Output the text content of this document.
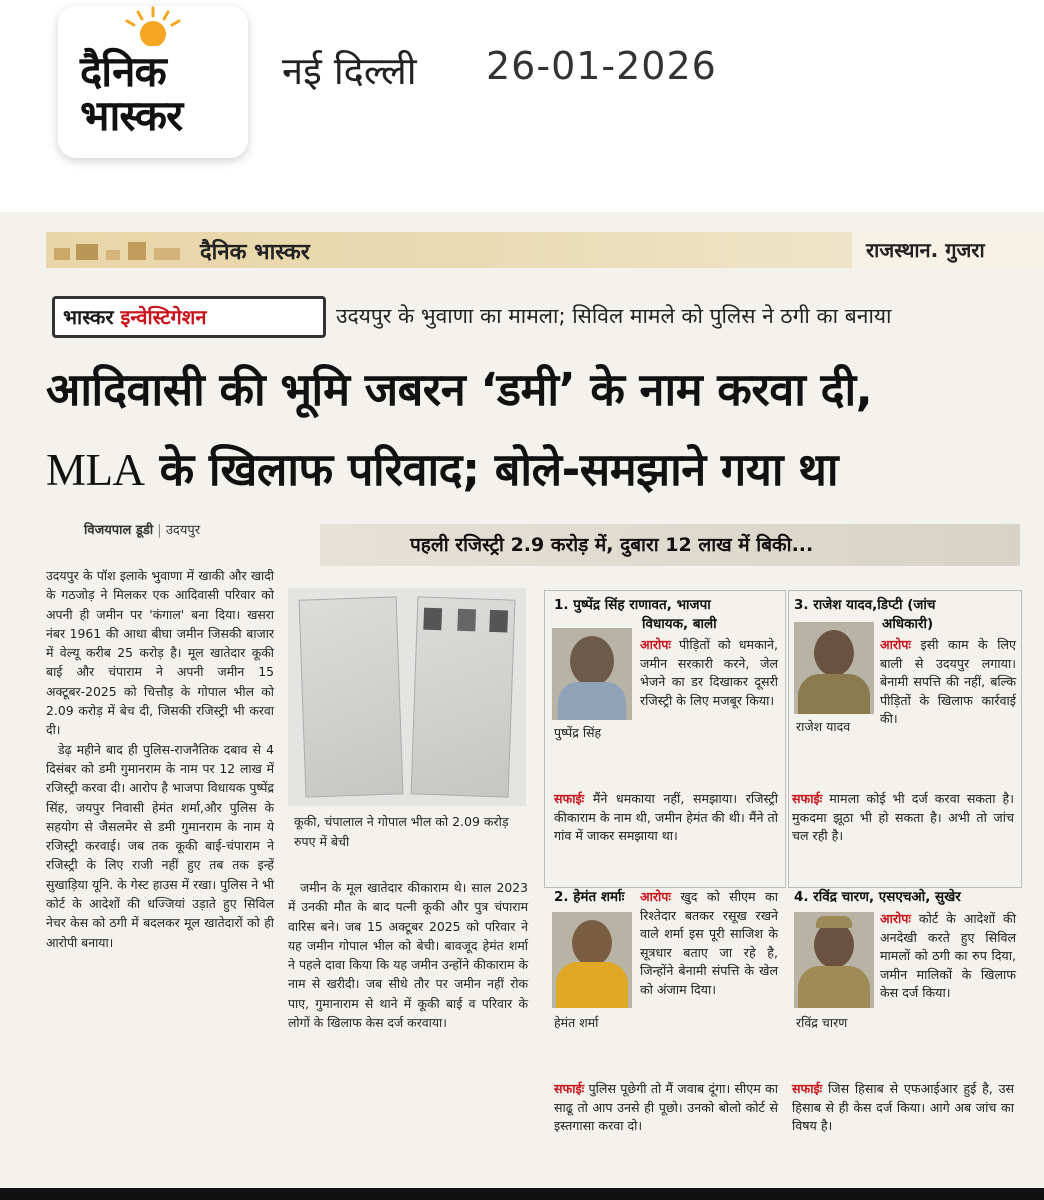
दैनिक
भास्कर
नई दिल्ली 26-01-2026
दैनिक भास्कर	राजस्थान. गुजरा
भास्कर इन्वेस्टिगेशन	उदयपुर के भुवाणा का मामला; सिविल मामले को पुलिस ने ठगी का बनाया
आदिवासी की भूमि जबरन ‘डमी’ के नाम करवा दी,
MLA के खिलाफ परिवाद; बोले-समझाने गया था
विजयपाल डूडी | उदयपुर
पहली रजिस्ट्री 2.9 करोड़ में, दुबारा 12 लाख में बिकी...

उदयपुर के पॉश इलाके भुवाणा में खाकी और खादी के गठजोड़ ने मिलकर एक आदिवासी परिवार को अपनी ही जमीन पर 'कंगाल' बना दिया। खसरा नंबर 1961 की आधा बीघा जमीन जिसकी बाजार में वेल्यू करीब 25 करोड़ है। मूल खातेदार कूकी बाई और चंपाराम ने अपनी जमीन 15 अक्टूबर-2025 को चित्तौड़ के गोपाल भील को 2.09 करोड़ में बेच दी, जिसकी रजिस्ट्री भी करवा दी।

डेढ़ महीने बाद ही पुलिस-राजनैतिक दबाव से 4 दिसंबर को डमी गुमानराम के नाम पर 12 लाख में रजिस्ट्री करवा दी। आरोप है भाजपा विधायक पुष्पेंद्र सिंह, जयपुर निवासी हेमंत शर्मा,और पुलिस के सहयोग से जैसलमेर से डमी गुमानराम के नाम ये रजिस्ट्री करवाई। जब तक कूकी बाई-चंपाराम ने रजिस्ट्री के लिए राजी नहीं हुए तब तक इन्हें सुखाड़िया यूनि. के गेस्ट हाउस में रखा। पुलिस ने भी कोर्ट के आदेशों की धज्जियां उड़ाते हुए सिविल नेचर केस को ठगी में बदलकर मूल खातेदारों को ही आरोपी बनाया।

कूकी, चंपालाल ने गोपाल भील को 2.09 करोड़ रुपए में बेची

जमीन के मूल खातेदार कीकाराम थे। साल 2023 में उनकी मौत के बाद पत्नी कूकी और पुत्र चंपाराम वारिस बने। जब 15 अक्टूबर 2025 को परिवार ने यह जमीन गोपाल भील को बेची। बावजूद हेमंत शर्मा ने पहले दावा किया कि यह जमीन उन्होंने कीकाराम के नाम से खरीदी। जब सीधे तौर पर जमीन नहीं रोक पाए, गुमानाराम से थाने में कूकी बाई व परिवार के लोगों के खिलाफ केस दर्ज करवाया।

1. पुष्पेंद्र सिंह राणावत, भाजपा
विधायक, बाली
पुष्पेंद्र सिंह
आरोपः पीड़ितों को धमकाने, जमीन सरकारी करने, जेल भेजने का डर दिखाकर दूसरी रजिस्ट्री के लिए मजबूर किया।
सफाईः मैंने धमकाया नहीं, समझाया। रजिस्ट्री कीकाराम के नाम थी, जमीन हेमंत की थी। मैंने तो गांव में जाकर समझाया था।
2. हेमंत शर्माः
हेमंत शर्मा
आरोपः खुद को सीएम का रिश्तेदार बतकर रसूख रखने वाले शर्मा इस पूरी साजिश के सूत्रधार बताए जा रहे है, जिन्होंने बेनामी संपत्ति के खेल को अंजाम दिया।
सफाईः पुलिस पूछेगी तो मैं जवाब दूंगा। सीएम का साढू तो आप उनसे ही पूछो। उनको बोलो कोर्ट से इस्तगासा करवा दो।
3. राजेश यादव,डिप्टी (जांच
अधिकारी)
राजेश यादव
आरोपः इसी काम के लिए बाली से उदयपुर लगाया। बेनामी सपत्ति की नहीं, बल्कि पीड़ितों के खिलाफ कार्रवाई की।
सफाईः मामला कोई भी दर्ज करवा सकता है। मुकदमा झूठा भी हो सकता है। अभी तो जांच चल रही है।
4. रविंद्र चारण, एसएचओ, सुखेर
रविंद्र चारण
आरोपः कोर्ट के आदेशों की अनदेखी करते हुए सिविल मामलों को ठगी का रुप दिया, जमीन मालिकों के खिलाफ केस दर्ज किया।
सफाईः जिस हिसाब से एफआईआर हुई है, उस हिसाब से ही केस दर्ज किया। आगे अब जांच का विषय है।
